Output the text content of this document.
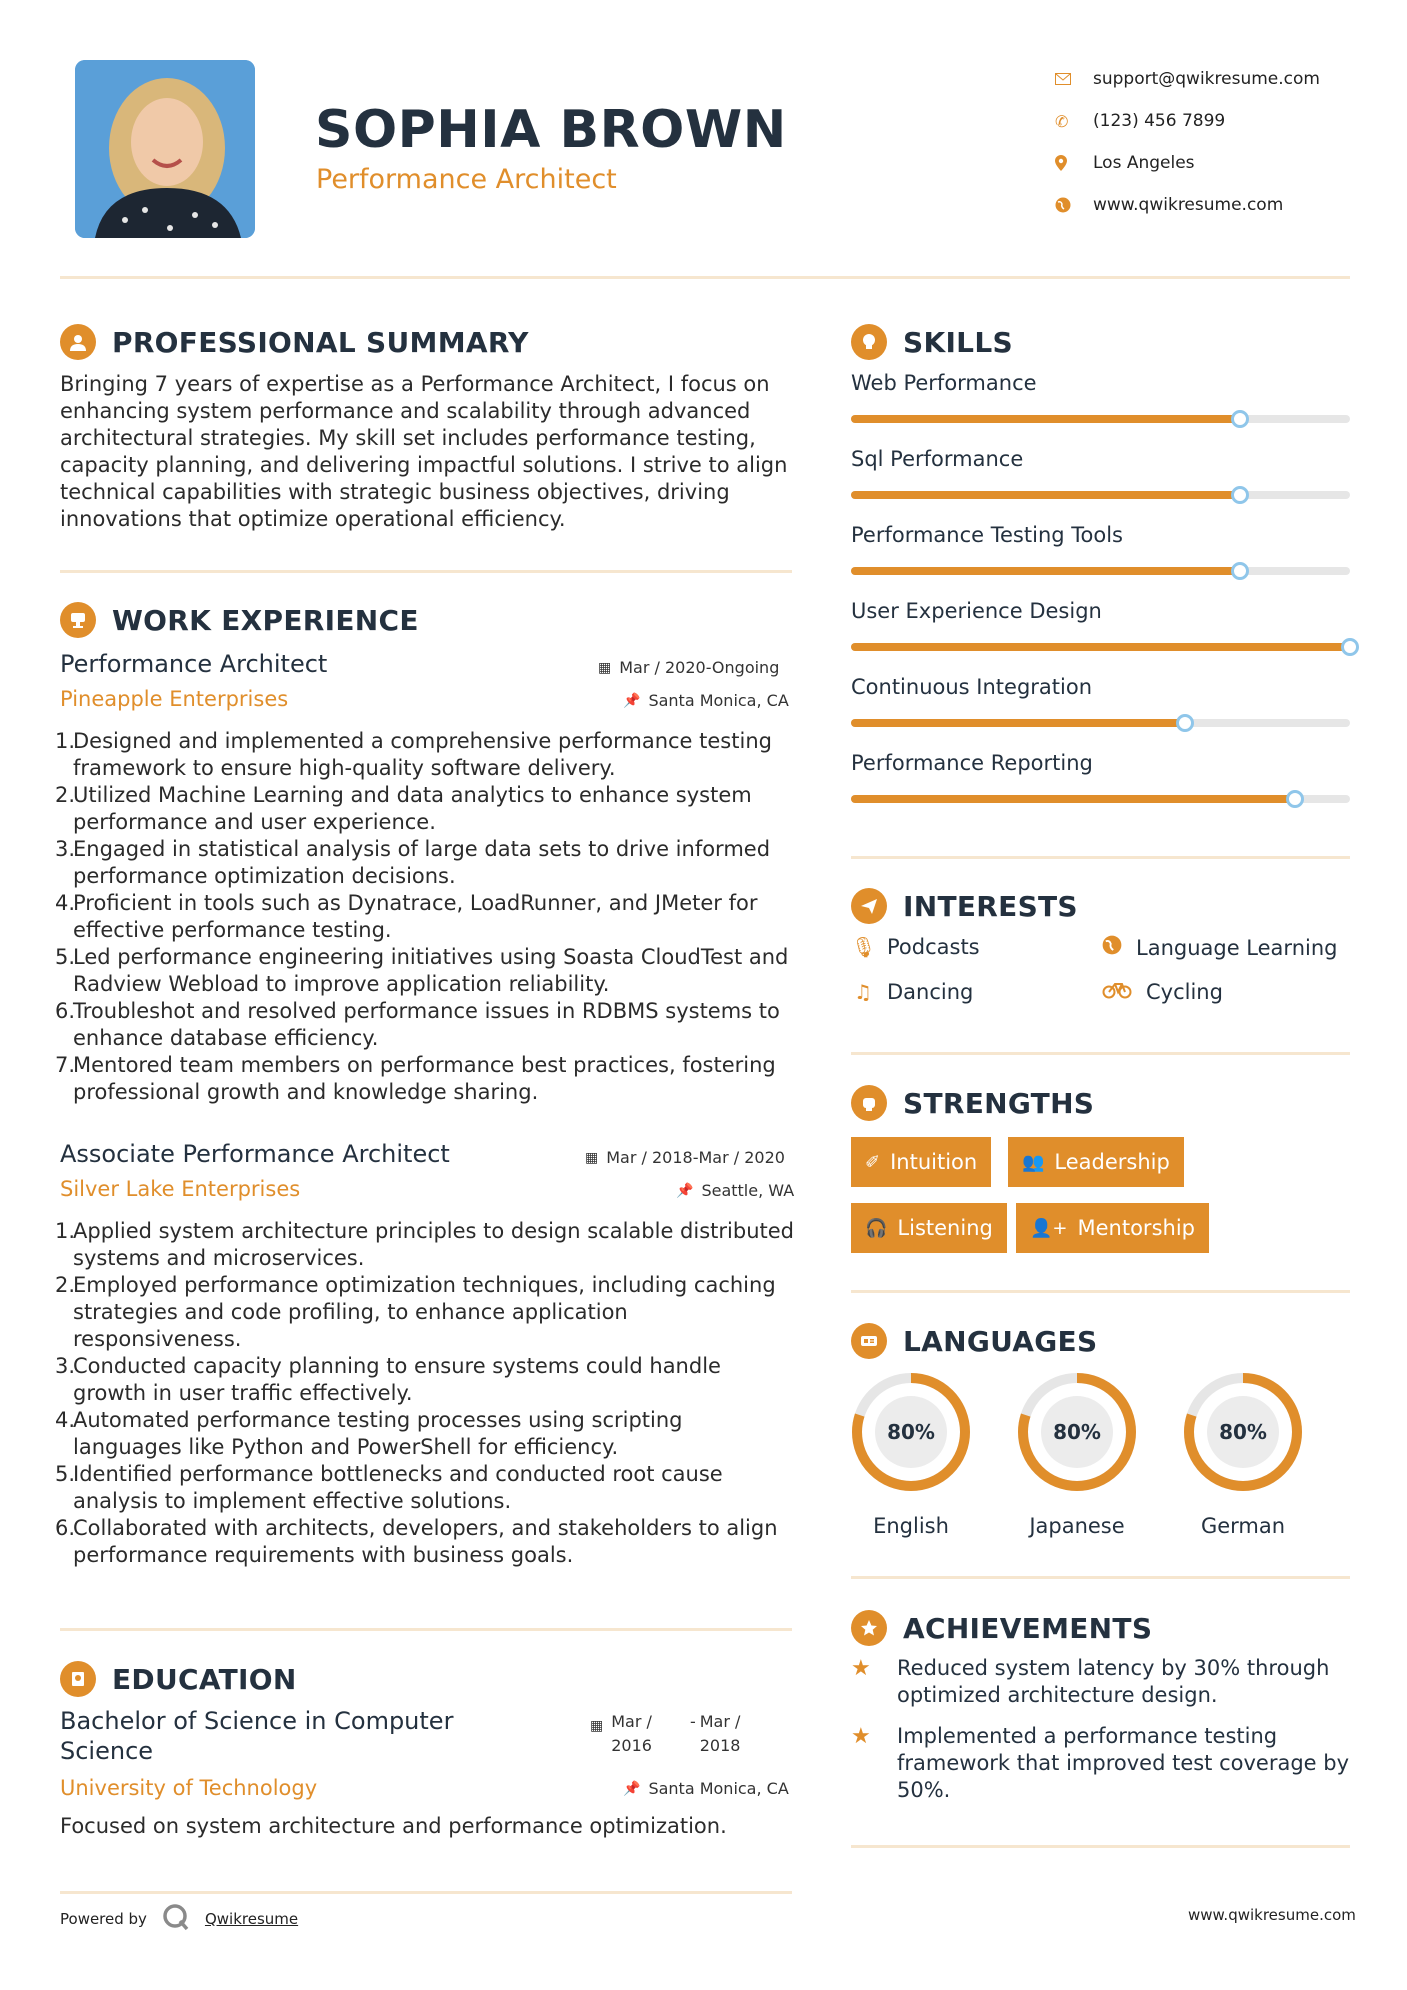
SOPHIA BROWN
Performance Architect
support@qwikresume.com
✆	(123) 456 7899
Los Angeles
www.qwikresume.com
PROFESSIONAL SUMMARY
Bringing 7 years of expertise as a Performance Architect, I focus on enhancing system performance and scalability through advanced architectural strategies. My skill set includes performance testing, capacity planning, and delivering impactful solutions. I strive to align technical capabilities with strategic business objectives, driving innovations that optimize operational efficiency.
WORK EXPERIENCE
Performance Architect	▦ Mar / 2020-Ongoing
Pineapple Enterprises	📌 Santa Monica, CA
1.
Designed and implemented a comprehensive performance testing framework to ensure high-quality software delivery.
2.
Utilized Machine Learning and data analytics to enhance system performance and user experience.
3.
Engaged in statistical analysis of large data sets to drive informed performance optimization decisions.
4.
Proficient in tools such as Dynatrace, LoadRunner, and JMeter for effective performance testing.
5.
Led performance engineering initiatives using Soasta CloudTest and Radview Webload to improve application reliability.
6.
Troubleshot and resolved performance issues in RDBMS systems to enhance database efficiency.
7.
Mentored team members on performance best practices, fostering professional growth and knowledge sharing.
Associate Performance Architect	▦ Mar / 2018-Mar / 2020
Silver Lake Enterprises	📌 Seattle, WA
1.
Applied system architecture principles to design scalable distributed systems and microservices.
2.
Employed performance optimization techniques, including caching strategies and code profiling, to enhance application responsiveness.
3.
Conducted capacity planning to ensure systems could handle growth in user traffic effectively.
4.
Automated performance testing processes using scripting languages like Python and PowerShell for efficiency.
5.
Identified performance bottlenecks and conducted root cause analysis to implement effective solutions.
6.
Collaborated with architects, developers, and stakeholders to align performance requirements with business goals.
EDUCATION
Bachelor of Science in Computer Science
▦ Mar /
2016
- Mar /
2018
University of Technology	📌 Santa Monica, CA
Focused on system architecture and performance optimization.
SKILLS
Web Performance
Sql Performance
Performance Testing Tools
User Experience Design
Continuous Integration
Performance Reporting
INTERESTS
🎙 Podcasts	Language Learning
♫ Dancing	Cycling
STRENGTHS
✐ Intuition 👥 Leadership
🎧 Listening 👤+ Mentorship
LANGUAGES
80%
English
80%
Japanese
80%
German
ACHIEVEMENTS
★	Reduced system latency by 30% through optimized architecture design.
★	Implemented a performance testing framework that improved test coverage by 50%.
Powered by	Qwikresume	www.qwikresume.com
